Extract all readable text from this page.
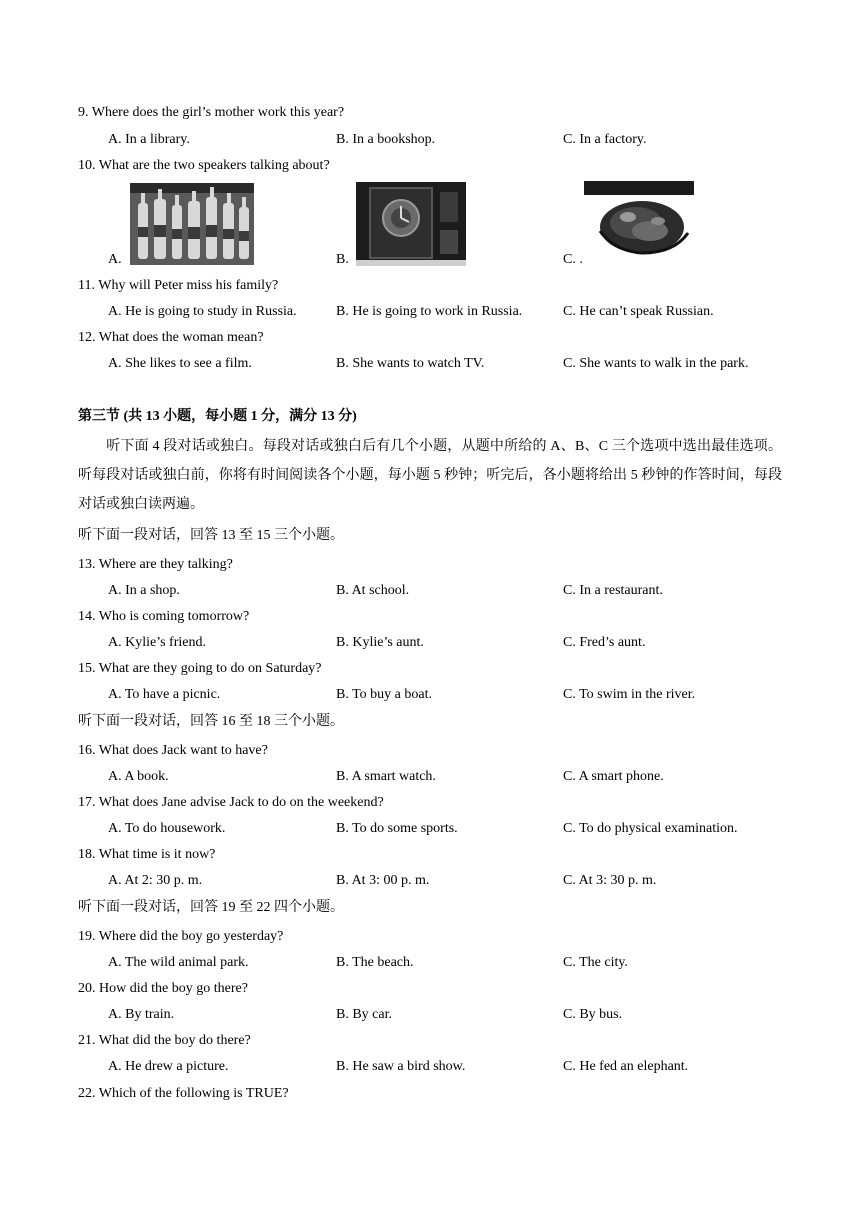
9. Where does the girl’s mother work this year?
A. In a library.	B. In a bookshop.	C. In a factory.
10. What are the two speakers talking about?
A.	B.	C. .
11. Why will Peter miss his family?
A. He is going to study in Russia.	B. He is going to work in Russia.	C. He can’t speak Russian.
12. What does the woman mean?
A. She likes to see a film.	B. She wants to watch TV.	C. She wants to walk in the park.
第三节 (共 13 小题，每小题 1 分，满分 13 分)
听下面 4 段对话或独白。每段对话或独白后有几个小题，从题中所给的 A、B、C 三个选项中选出最佳选项。听每段对话或独白前，你将有时间阅读各个小题，每小题 5 秒钟；听完后，各小题将给出 5 秒钟的作答时间，每段对话或独白读两遍。
听下面一段对话，回答 13 至 15 三个小题。
13. Where are they talking?
A. In a shop.	B. At school.	C. In a restaurant.
14. Who is coming tomorrow?
A. Kylie’s friend.	B. Kylie’s aunt.	C. Fred’s aunt.
15. What are they going to do on Saturday?
A. To have a picnic.	B. To buy a boat.	C. To swim in the river.
听下面一段对话，回答 16 至 18 三个小题。
16. What does Jack want to have?
A. A book.	B. A smart watch.	C. A smart phone.
17. What does Jane advise Jack to do on the weekend?
A. To do housework.	B. To do some sports.	C. To do physical examination.
18. What time is it now?
A. At 2: 30 p. m.	B. At 3: 00 p. m.	C. At 3: 30 p. m.
听下面一段对话，回答 19 至 22 四个小题。
19. Where did the boy go yesterday?
A. The wild animal park.	B. The beach.	C. The city.
20. How did the boy go there?
A. By train.	B. By car.	C. By bus.
21. What did the boy do there?
A. He drew a picture.	B. He saw a bird show.	C. He fed an elephant.
22. Which of the following is TRUE?
